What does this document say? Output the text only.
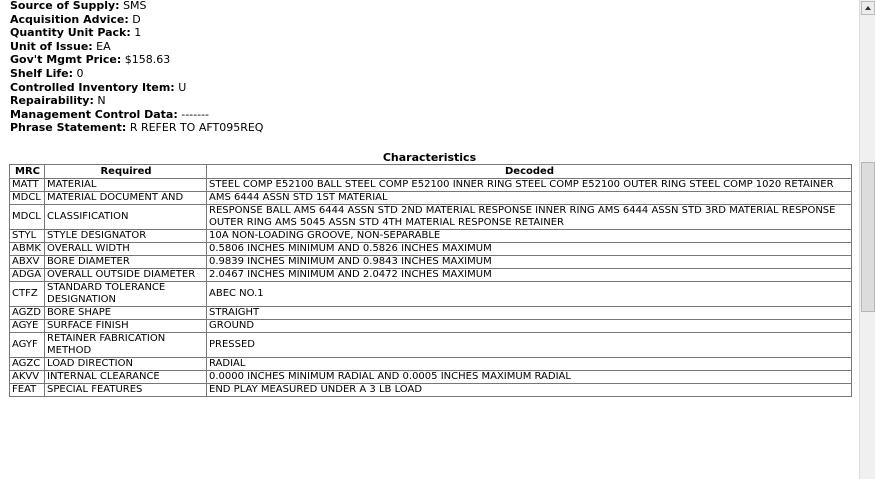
Source of Supply: SMS
Acquisition Advice: D
Quantity Unit Pack: 1
Unit of Issue: EA
Gov't Mgmt Price: $158.63
Shelf Life: 0
Controlled Inventory Item: U
Repairability: N
Management Control Data: -------
Phrase Statement: R REFER TO AFT095REQ
Characteristics
MRC	Required	Decoded
MATT	MATERIAL	STEEL COMP E52100 BALL STEEL COMP E52100 INNER RING STEEL COMP E52100 OUTER RING STEEL COMP 1020 RETAINER
MDCL	MATERIAL DOCUMENT AND	AMS 6444 ASSN STD 1ST MATERIAL
MDCL	CLASSIFICATION	RESPONSE BALL AMS 6444 ASSN STD 2ND MATERIAL RESPONSE INNER RING AMS 6444 ASSN STD 3RD MATERIAL RESPONSE OUTER RING AMS 5045 ASSN STD 4TH MATERIAL RESPONSE RETAINER
STYL	STYLE DESIGNATOR	10A NON-LOADING GROOVE, NON-SEPARABLE
ABMK	OVERALL WIDTH	0.5806 INCHES MINIMUM AND 0.5826 INCHES MAXIMUM
ABXV	BORE DIAMETER	0.9839 INCHES MINIMUM AND 0.9843 INCHES MAXIMUM
ADGA	OVERALL OUTSIDE DIAMETER	2.0467 INCHES MINIMUM AND 2.0472 INCHES MAXIMUM
CTFZ	STANDARD TOLERANCE DESIGNATION	ABEC NO.1
AGZD	BORE SHAPE	STRAIGHT
AGYE	SURFACE FINISH	GROUND
AGYF	RETAINER FABRICATION METHOD	PRESSED
AGZC	LOAD DIRECTION	RADIAL
AKVV	INTERNAL CLEARANCE	0.0000 INCHES MINIMUM RADIAL AND 0.0005 INCHES MAXIMUM RADIAL
FEAT	SPECIAL FEATURES	END PLAY MEASURED UNDER A 3 LB LOAD
